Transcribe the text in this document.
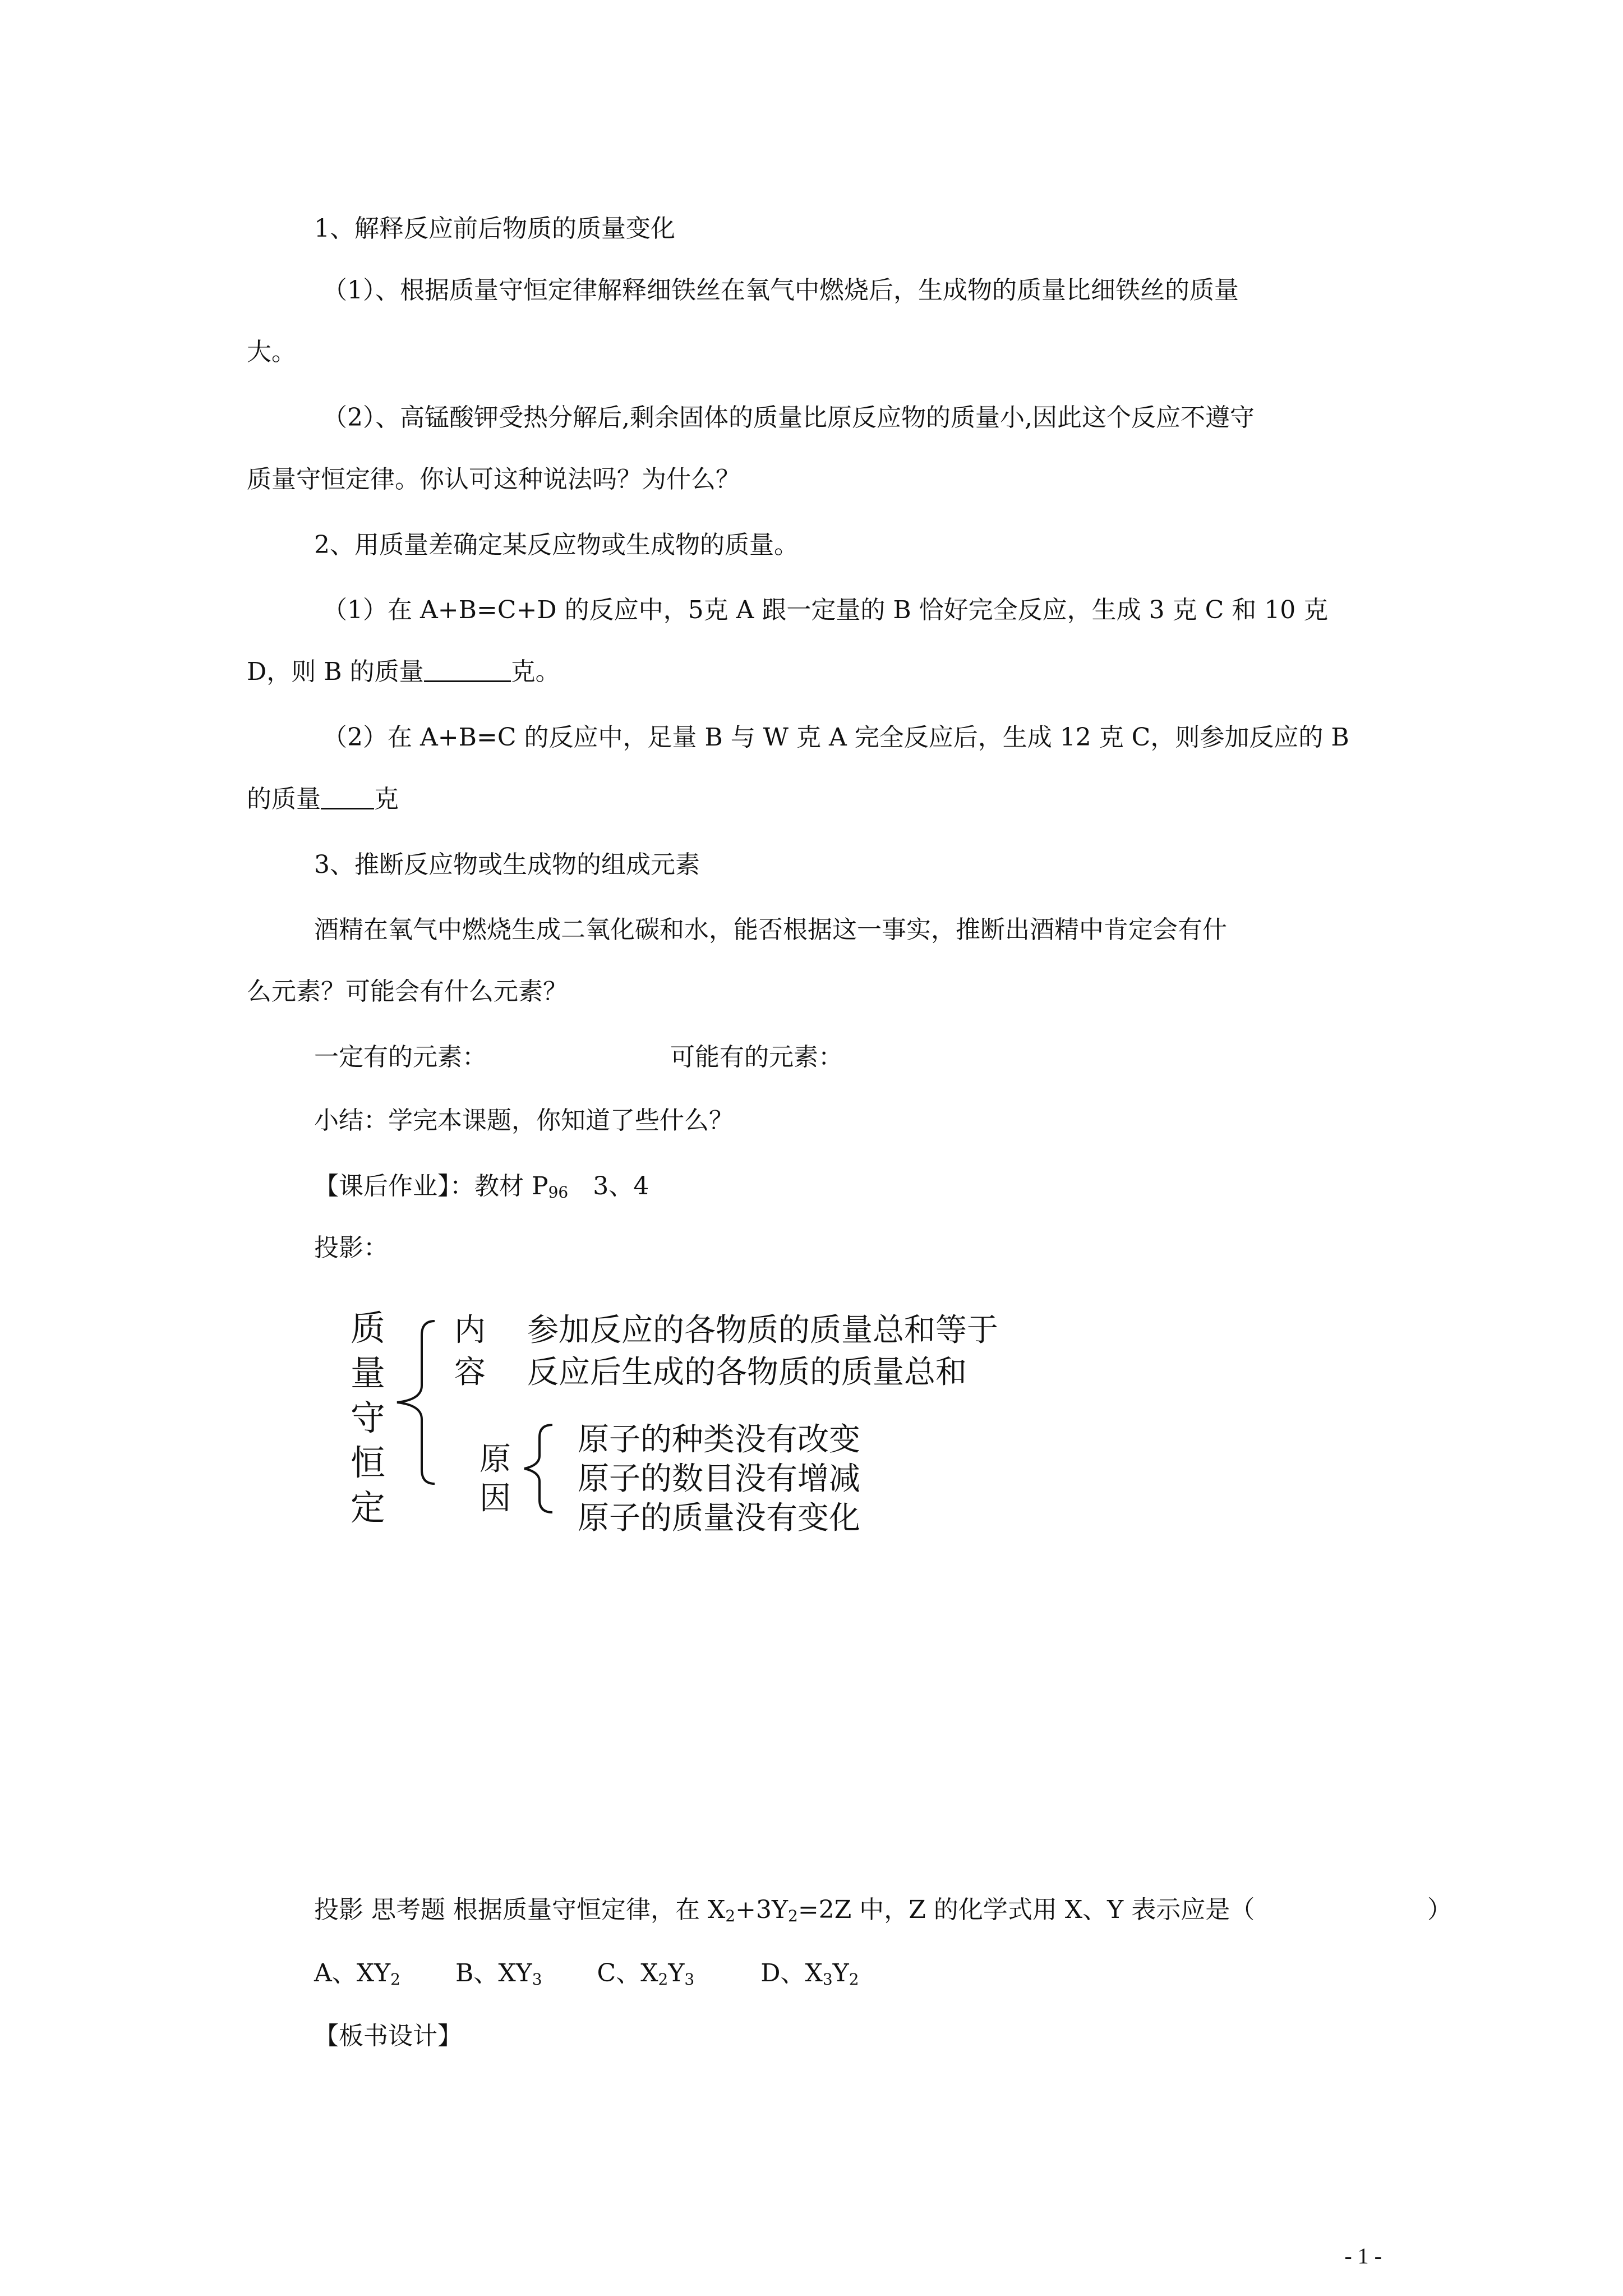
1、解释反应前后物质的质量变化
（1）、根据质量守恒定律解释细铁丝在氧气中燃烧后，生成物的质量比细铁丝的质量
大。
（2）、高锰酸钾受热分解后,剩余固体的质量比原反应物的质量小,因此这个反应不遵守
质量守恒定律。你认可这种说法吗？为什么？
2、用质量差确定某反应物或生成物的质量。
（1）在 A+B=C+D 的反应中，5克 A 跟一定量的 B 恰好完全反应，生成 3 克 C 和 10 克
D，则 B 的质量	克。
（2）在 A+B=C 的反应中，足量 B 与 W 克 A 完全反应后，生成 12 克 C，则参加反应的 B
的质量 克
3、推断反应物或生成物的组成元素
酒精在氧气中燃烧生成二氧化碳和水，能否根据这一事实，推断出酒精中肯定会有什
么元素？可能会有什么元素？
一定有的元素：	可能有的元素：
小结：学完本课题，你知道了些什么？
【课后作业】：教材 $P_{96}$　3、4
投影：
质
量
守
恒
定
内
容
参加反应的各物质的质量总和等于
反应后生成的各物质的质量总和
原
因
原子的种类没有改变
原子的数目没有增减
原子的质量没有变化
投影 思考题 根据质量守恒定律，在 $X_2+3Y_2=2Z$ 中，Z 的化学式用 X、Y 表示应是（	）
A、$XY_2$ B、$XY_3$ C、$X_2Y_3$	D、$X_3Y_2$
【板书设计】
- 1 -
